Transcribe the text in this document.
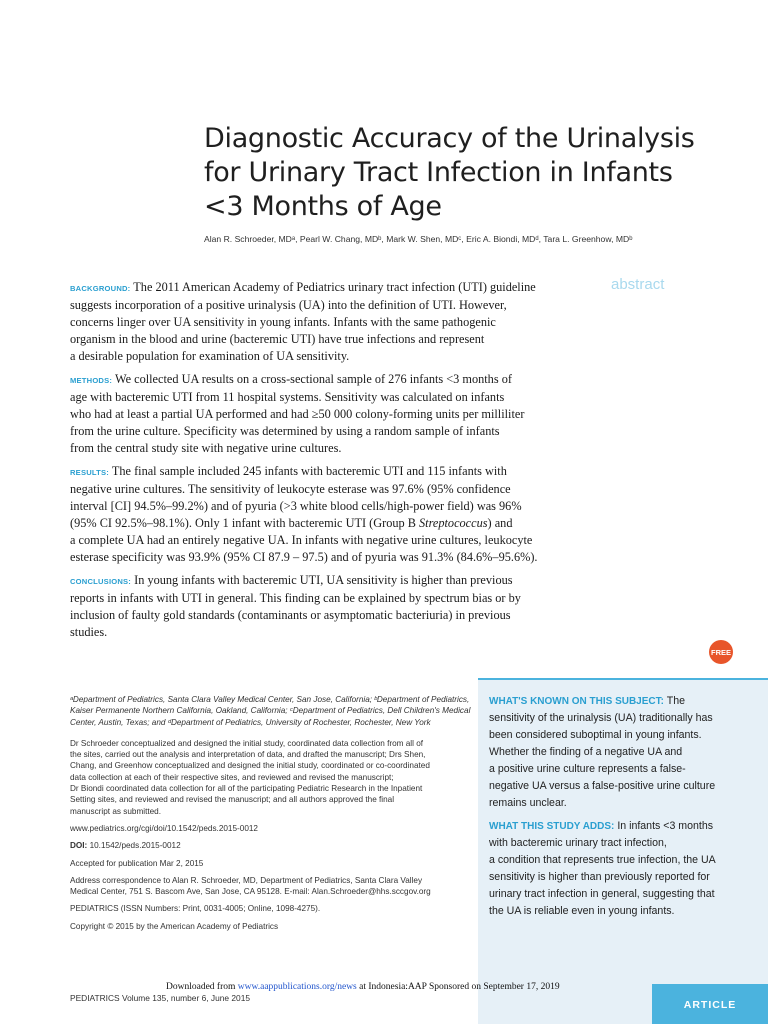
Diagnostic Accuracy of the Urinalysis
for Urinary Tract Infection in Infants
<3 Months of Age
Alan R. Schroeder, MDᵃ, Pearl W. Chang, MDᵇ, Mark W. Shen, MDᶜ, Eric A. Biondi, MDᵈ, Tara L. Greenhow, MDᵇ
abstract

BACKGROUND: The 2011 American Academy of Pediatrics urinary tract infection (UTI) guideline
suggests incorporation of a positive urinalysis (UA) into the definition of UTI. However,
concerns linger over UA sensitivity in young infants. Infants with the same pathogenic
organism in the blood and urine (bacteremic UTI) have true infections and represent
a desirable population for examination of UA sensitivity.

METHODS: We collected UA results on a cross-sectional sample of 276 infants <3 months of
age with bacteremic UTI from 11 hospital systems. Sensitivity was calculated on infants
who had at least a partial UA performed and had ≥50 000 colony-forming units per milliliter
from the urine culture. Specificity was determined by using a random sample of infants
from the central study site with negative urine cultures.

RESULTS: The final sample included 245 infants with bacteremic UTI and 115 infants with
negative urine cultures. The sensitivity of leukocyte esterase was 97.6% (95% confidence
interval [CI] 94.5%–99.2%) and of pyuria (>3 white blood cells/high-power field) was 96%
(95% CI 92.5%–98.1%). Only 1 infant with bacteremic UTI (Group B Streptococcus) and
a complete UA had an entirely negative UA. In infants with negative urine cultures, leukocyte
esterase specificity was 93.9% (95% CI 87.9 – 97.5) and of pyuria was 91.3% (84.6%–95.6%).

CONCLUSIONS: In young infants with bacteremic UTI, UA sensitivity is higher than previous
reports in infants with UTI in general. This finding can be explained by spectrum bias or by
inclusion of faulty gold standards (contaminants or asymptomatic bacteriuria) in previous
studies.

FREE

ᵃDepartment of Pediatrics, Santa Clara Valley Medical Center, San Jose, California; ᵇDepartment of Pediatrics,
Kaiser Permanente Northern California, Oakland, California; ᶜDepartment of Pediatrics, Dell Children's Medical
Center, Austin, Texas; and ᵈDepartment of Pediatrics, University of Rochester, Rochester, New York

Dr Schroeder conceptualized and designed the initial study, coordinated data collection from all of
the sites, carried out the analysis and interpretation of data, and drafted the manuscript; Drs Shen,
Chang, and Greenhow conceptualized and designed the initial study, coordinated or co-coordinated
data collection at each of their respective sites, and reviewed and revised the manuscript;
Dr Biondi coordinated data collection for all of the participating Pediatric Research in the Inpatient
Setting sites, and reviewed and revised the manuscript; and all authors approved the final
manuscript as submitted.

www.pediatrics.org/cgi/doi/10.1542/peds.2015-0012

DOI: 10.1542/peds.2015-0012

Accepted for publication Mar 2, 2015

Address correspondence to Alan R. Schroeder, MD, Department of Pediatrics, Santa Clara Valley
Medical Center, 751 S. Bascom Ave, San Jose, CA 95128. E-mail: Alan.Schroeder@hhs.sccgov.org

PEDIATRICS (ISSN Numbers: Print, 0031-4005; Online, 1098-4275).

Copyright © 2015 by the American Academy of Pediatrics

WHAT'S KNOWN ON THIS SUBJECT: The
sensitivity of the urinalysis (UA) traditionally has
been considered suboptimal in young infants.
Whether the finding of a negative UA and
a positive urine culture represents a false-
negative UA versus a false-positive urine culture
remains unclear.
WHAT THIS STUDY ADDS: In infants <3 months
with bacteremic urinary tract infection,
a condition that represents true infection, the UA
sensitivity is higher than previously reported for
urinary tract infection in general, suggesting that
the UA is reliable even in young infants.
ARTICLE
Downloaded from www.aappublications.org/news at Indonesia:AAP Sponsored on September 17, 2019
PEDIATRICS Volume 135, number 6, June 2015
